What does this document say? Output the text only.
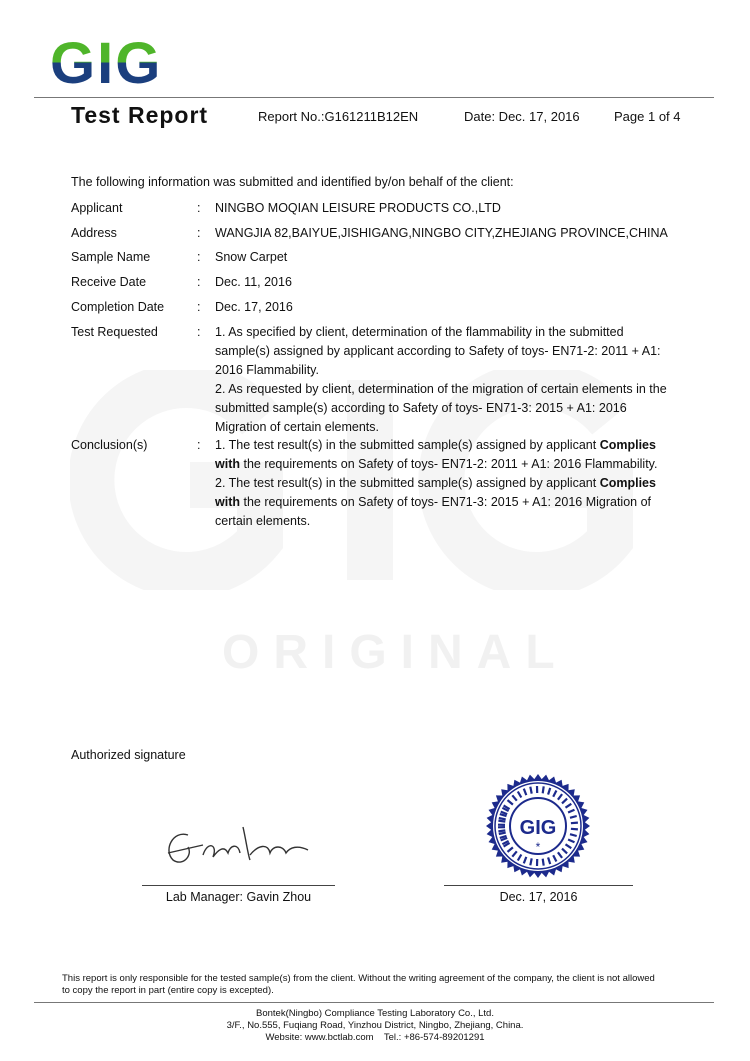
ORIGINAL
GIG
Test Report	Report No.:G161211B12EN	Date: Dec. 17, 2016	Page 1 of 4
The following information was submitted and identified by/on behalf of the client:
Applicant	: NINGBO MOQIAN LEISURE PRODUCTS CO.,LTD
Address	: WANGJIA 82,BAIYUE,JISHIGANG,NINGBO CITY,ZHEJIANG PROVINCE,CHINA
Sample Name	: Snow Carpet
Receive Date	: Dec. 11, 2016
Completion Date	: Dec. 17, 2016
Test Requested	: 1. As specified by client, determination of the flammability in the submitted
sample(s) assigned by applicant according to Safety of toys- EN71-2: 2011 + A1:
2016 Flammability.
2. As requested by client, determination of the migration of certain elements in the
submitted sample(s) according to Safety of toys- EN71-3: 2015 + A1: 2016
Migration of certain elements.
Conclusion(s)	: 1. The test result(s) in the submitted sample(s) assigned by applicant Complies with the requirements on Safety of toys- EN71-2: 2011 + A1: 2016 Flammability.
2. The test result(s) in the submitted sample(s) assigned by applicant Complies with the requirements on Safety of toys- EN71-3: 2015 + A1: 2016 Migration of certain elements.
Authorized signature
Lab Manager: Gavin Zhou
GIG
*
Dec. 17, 2016
This report is only responsible for the tested sample(s) from the client. Without the writing agreement of the company, the client is not allowed
to copy the report in part (entire copy is excepted).
Bontek(Ningbo) Compliance Testing Laboratory Co., Ltd.
3/F., No.555, Fuqiang Road, Yinzhou District, Ningbo, Zhejiang, China.
Website: www.bctlab.com    Tel.: +86-574-89201291
